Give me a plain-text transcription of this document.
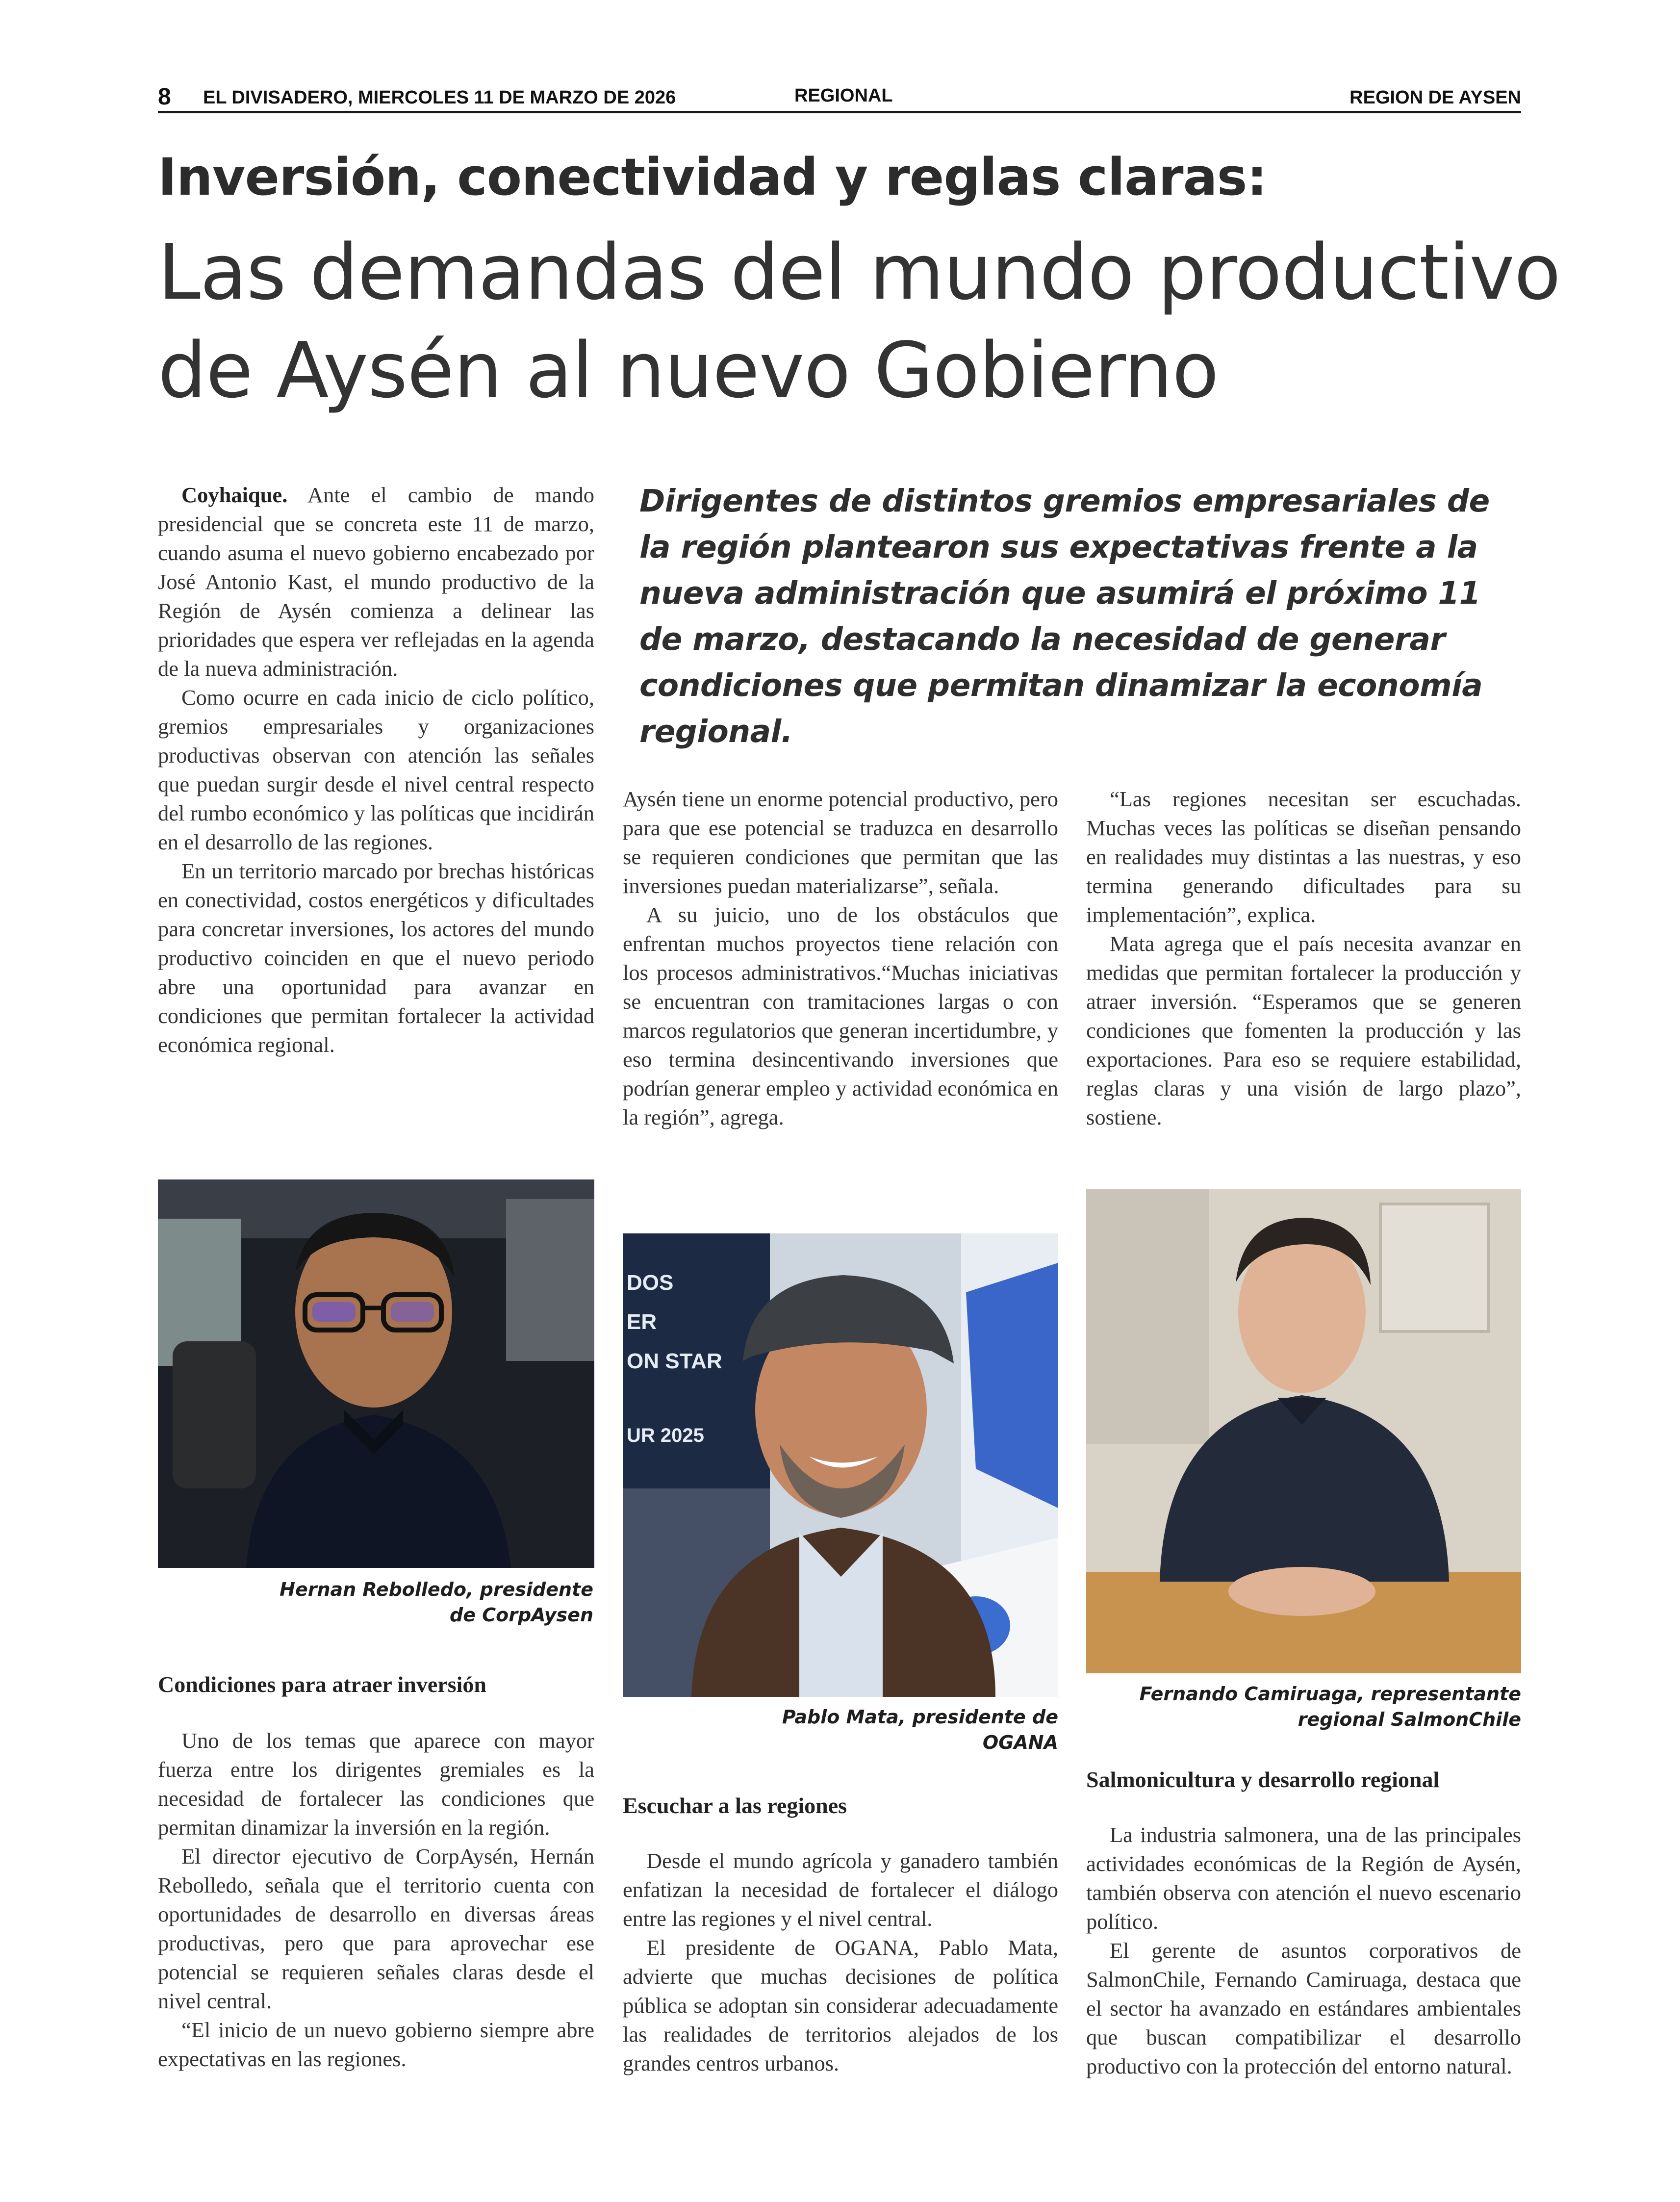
8 EL DIVISADERO, MIERCOLES 11 DE MARZO DE 2026	REGIONAL	REGION DE AYSEN
Inversión, conectividad y reglas claras:
Las demandas del mundo productivo
de Aysén al nuevo Gobierno
Dirigentes de distintos gremios empresariales de la región plantearon sus expectativas frente a la nueva administración que asumirá el próximo 11 de marzo, destacando la necesidad de generar condiciones que permitan dinamizar la economía regional.

Coyhaique. Ante el cambio de mando presidencial que se concreta este 11 de marzo, cuando asuma el nuevo gobierno encabezado por José Antonio Kast, el mundo productivo de la Región de Aysén comienza a delinear las prioridades que espera ver reflejadas en la agenda de la nueva administración.

Como ocurre en cada inicio de ciclo político, gremios empresariales y organizaciones productivas observan con atención las señales que puedan surgir desde el nivel central respecto del rumbo económico y las políticas que incidirán en el desarrollo de las regiones.

En un territorio marcado por brechas históricas en conectividad, costos energéticos y dificultades para concretar inversiones, los actores del mundo productivo coinciden en que el nuevo periodo abre una oportunidad para avanzar en condiciones que permitan fortalecer la actividad económica regional.

Hernan Rebolledo, presidente de CorpAysen
Condiciones para atraer inversión

Uno de los temas que aparece con mayor fuerza entre los dirigentes gremiales es la necesidad de fortalecer las condiciones que permitan dinamizar la inversión en la región.

El director ejecutivo de CorpAysén, Hernán Rebolledo, señala que el territorio cuenta con oportunidades de desarrollo en diversas áreas productivas, pero que para aprovechar ese potencial se requieren señales claras desde el nivel central.

“El inicio de un nuevo gobierno siempre abre expectativas en las regiones.

Aysén tiene un enorme potencial productivo, pero para que ese potencial se traduzca en desarrollo se requieren condiciones que permitan que las inversiones puedan materializarse”, señala.

A su juicio, uno de los obstáculos que enfrentan muchos proyectos tiene relación con los procesos administrativos.“Muchas iniciativas se encuentran con tramitaciones largas o con marcos regulatorios que generan incertidumbre, y eso termina desincentivando inversiones que podrían generar empleo y actividad económica en la región”, agrega.

DOS
ER
ON STAR
UR 2025
Pablo Mata, presidente de OGANA
Escuchar a las regiones

Desde el mundo agrícola y ganadero también enfatizan la necesidad de fortalecer el diálogo entre las regiones y el nivel central.

El presidente de OGANA, Pablo Mata, advierte que muchas decisiones de política pública se adoptan sin considerar adecuadamente las realidades de territorios alejados de los grandes centros urbanos.

“Las regiones necesitan ser escuchadas. Muchas veces las políticas se diseñan pensando en realidades muy distintas a las nuestras, y eso termina generando dificultades para su implementación”, explica.

Mata agrega que el país necesita avanzar en medidas que permitan fortalecer la producción y atraer inversión. “Esperamos que se generen condiciones que fomenten la producción y las exportaciones. Para eso se requiere estabilidad, reglas claras y una visión de largo plazo”, sostiene.

Fernando Camiruaga, representante regional SalmonChile
Salmonicultura y desarrollo regional

La industria salmonera, una de las principales actividades económicas de la Región de Aysén, también observa con atención el nuevo escenario político.

El gerente de asuntos corporativos de SalmonChile, Fernando Camiruaga, destaca que el sector ha avanzado en estándares ambientales que buscan compatibilizar el desarrollo productivo con la protección del entorno natural.
